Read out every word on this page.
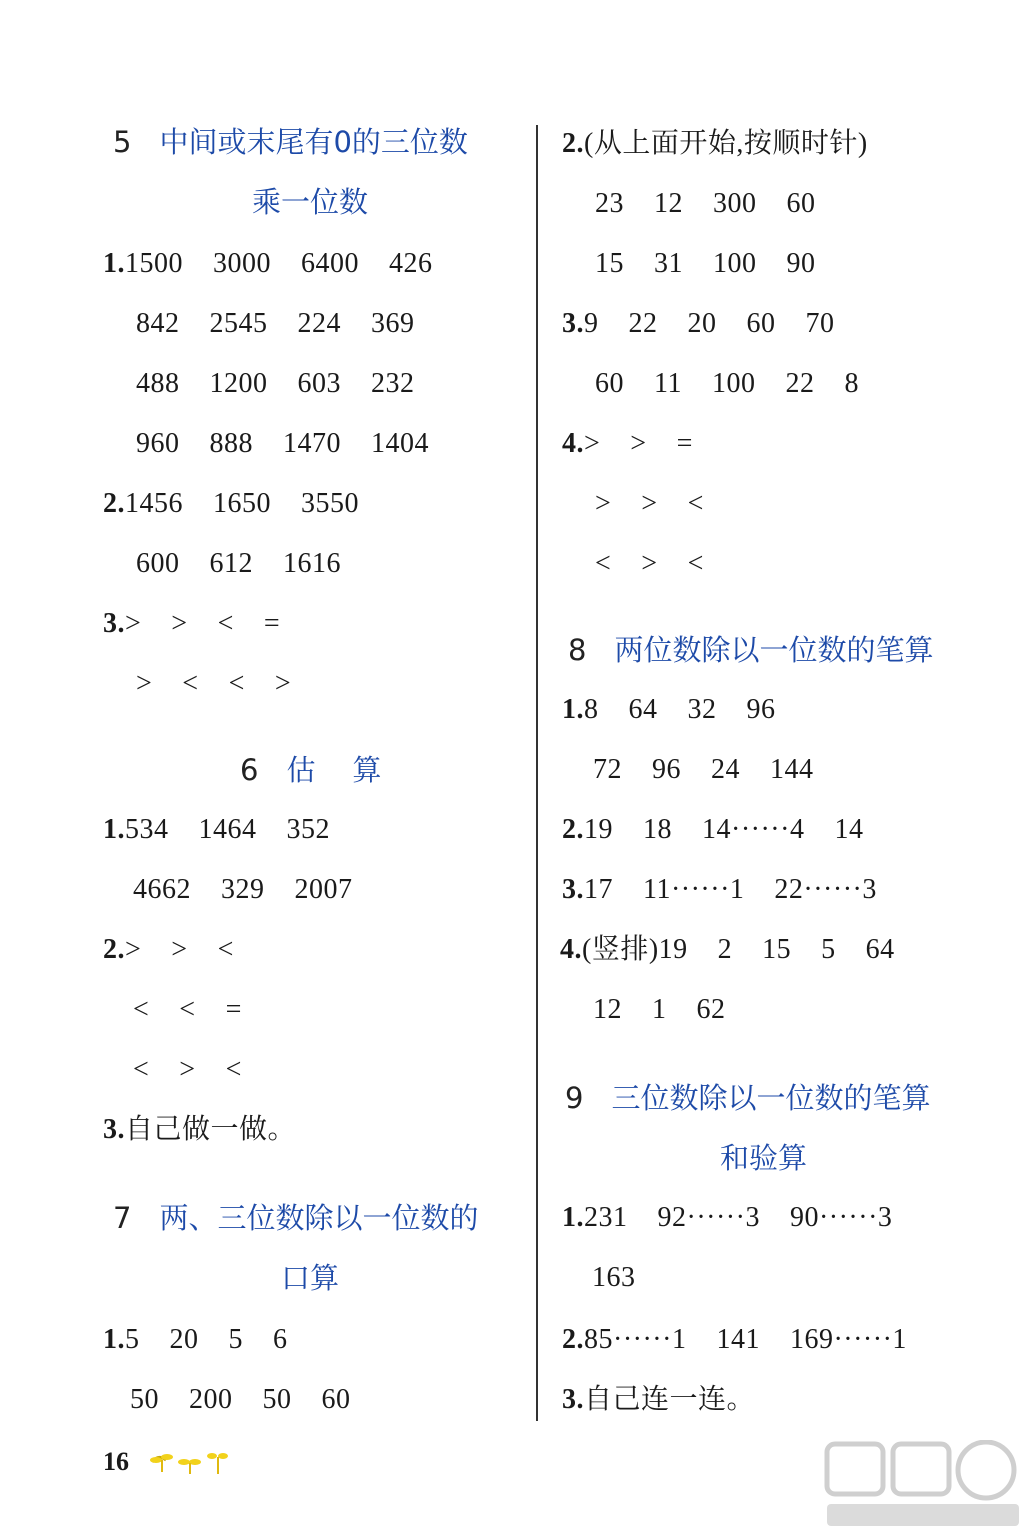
5 中间或末尾有0的三位数
乘一位数
1.1500    3000    6400    426
842    2545    224    369
488    1200    603    232
960    888    1470    1404
2.1456    1650    3550
600    612    1616
3.>    >    <    =
>    <    <    >
6 估    算
1.534    1464    352
4662    329    2007
2.>    >    <
<    <    =
<    >    <
3.自己做一做。
7 两、三位数除以一位数的
口算
1.5    20    5    6
50    200    50    60
2.(从上面开始,按顺时针)
23    12    300    60
15    31    100    90
3.9    22    20    60    70
60    11    100    22    8
4.>    >    =
>    >    <
<    >    <
8 两位数除以一位数的笔算
1.8    64    32    96
72    96    24    144
2.19    18    14······4    14
3.17    11······1    22······3
4.(竖排)19    2    15    5    64
12    1    62
9 三位数除以一位数的笔算
和验算
1.231    92······3    90······3
163
2.85······1    141    169······1
3.自己连一连。
16
